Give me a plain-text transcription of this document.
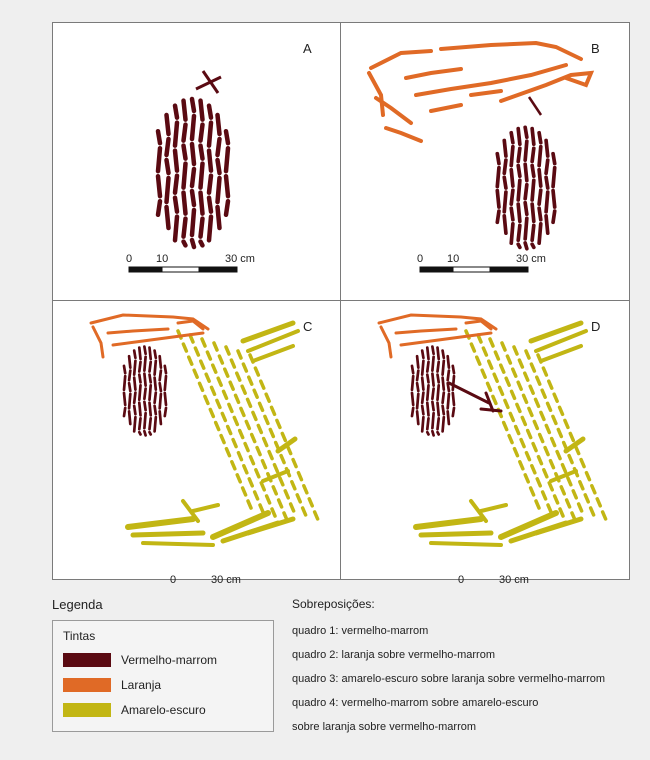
A
0 10	30 cm
B
0 10	30 cm
C
0	30 cm
D
0	30 cm
Legenda
Tintas
Vermelho-marrom
Laranja
Amarelo-escuro
Sobreposições:
quadro 1: vermelho-marrom
quadro 2: laranja sobre vermelho-marrom
quadro 3: amarelo-escuro sobre laranja sobre vermelho-marrom
quadro 4: vermelho-marrom sobre amarelo-escuro
sobre laranja sobre vermelho-marrom
